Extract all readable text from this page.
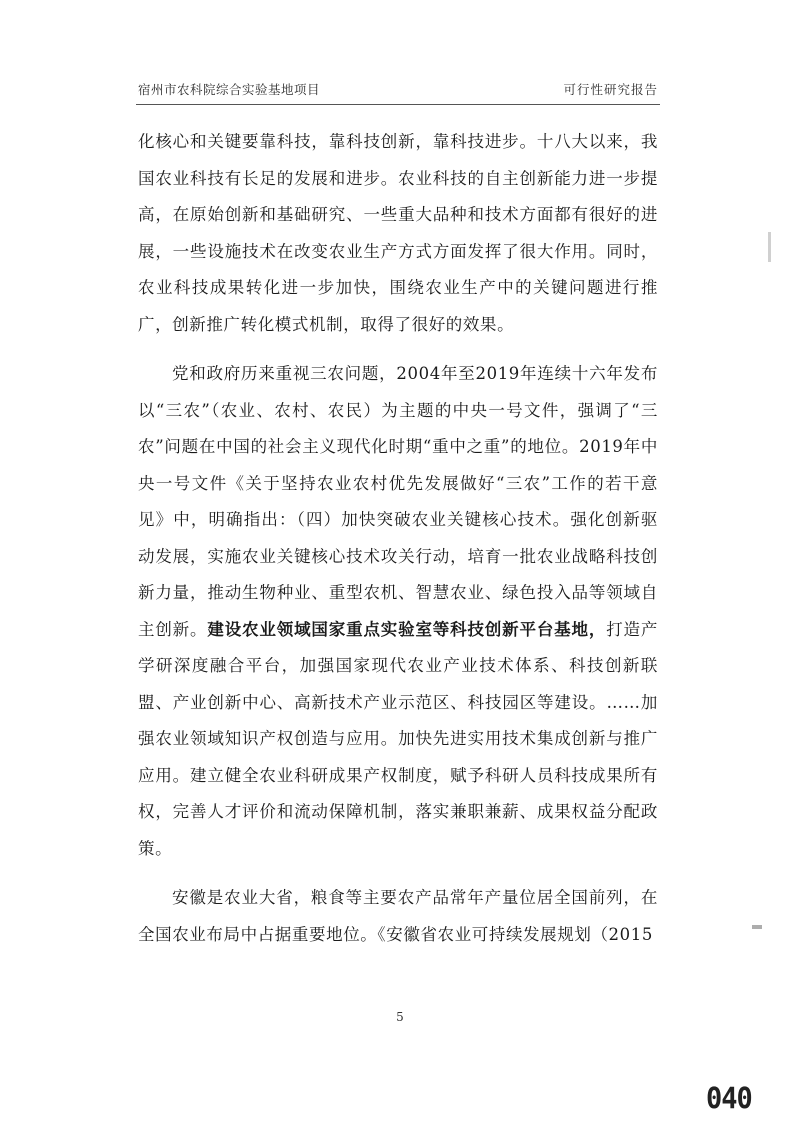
宿州市农科院综合实验基地项目	可行性研究报告

化核心和关键要靠科技，靠科技创新，靠科技进步。十八大以来，我国农业科技有长足的发展和进步。农业科技的自主创新能力进一步提高，在原始创新和基础研究、一些重大品种和技术方面都有很好的进展，一些设施技术在改变农业生产方式方面发挥了很大作用。同时，农业科技成果转化进一步加快，围绕农业生产中的关键问题进行推广，创新推广转化模式机制，取得了很好的效果。

党和政府历来重视三农问题，2004年至2019年连续十六年发布以“三农”（农业、农村、农民）为主题的中央一号文件，强调了“三农”问题在中国的社会主义现代化时期“重中之重”的地位。2019年中央一号文件《关于坚持农业农村优先发展做好“三农”工作的若干意见》中，明确指出：（四）加快突破农业关键核心技术。强化创新驱动发展，实施农业关键核心技术攻关行动，培育一批农业战略科技创新力量，推动生物种业、重型农机、智慧农业、绿色投入品等领域自主创新。建设农业领域国家重点实验室等科技创新平台基地，打造产学研深度融合平台，加强国家现代农业产业技术体系、科技创新联盟、产业创新中心、高新技术产业示范区、科技园区等建设。……加强农业领域知识产权创造与应用。加快先进实用技术集成创新与推广应用。建立健全农业科研成果产权制度，赋予科研人员科技成果所有权，完善人才评价和流动保障机制，落实兼职兼薪、成果权益分配政策。

安徽是农业大省，粮食等主要农产品常年产量位居全国前列，在全国农业布局中占据重要地位。《安徽省农业可持续发展规划（2015

5
040
